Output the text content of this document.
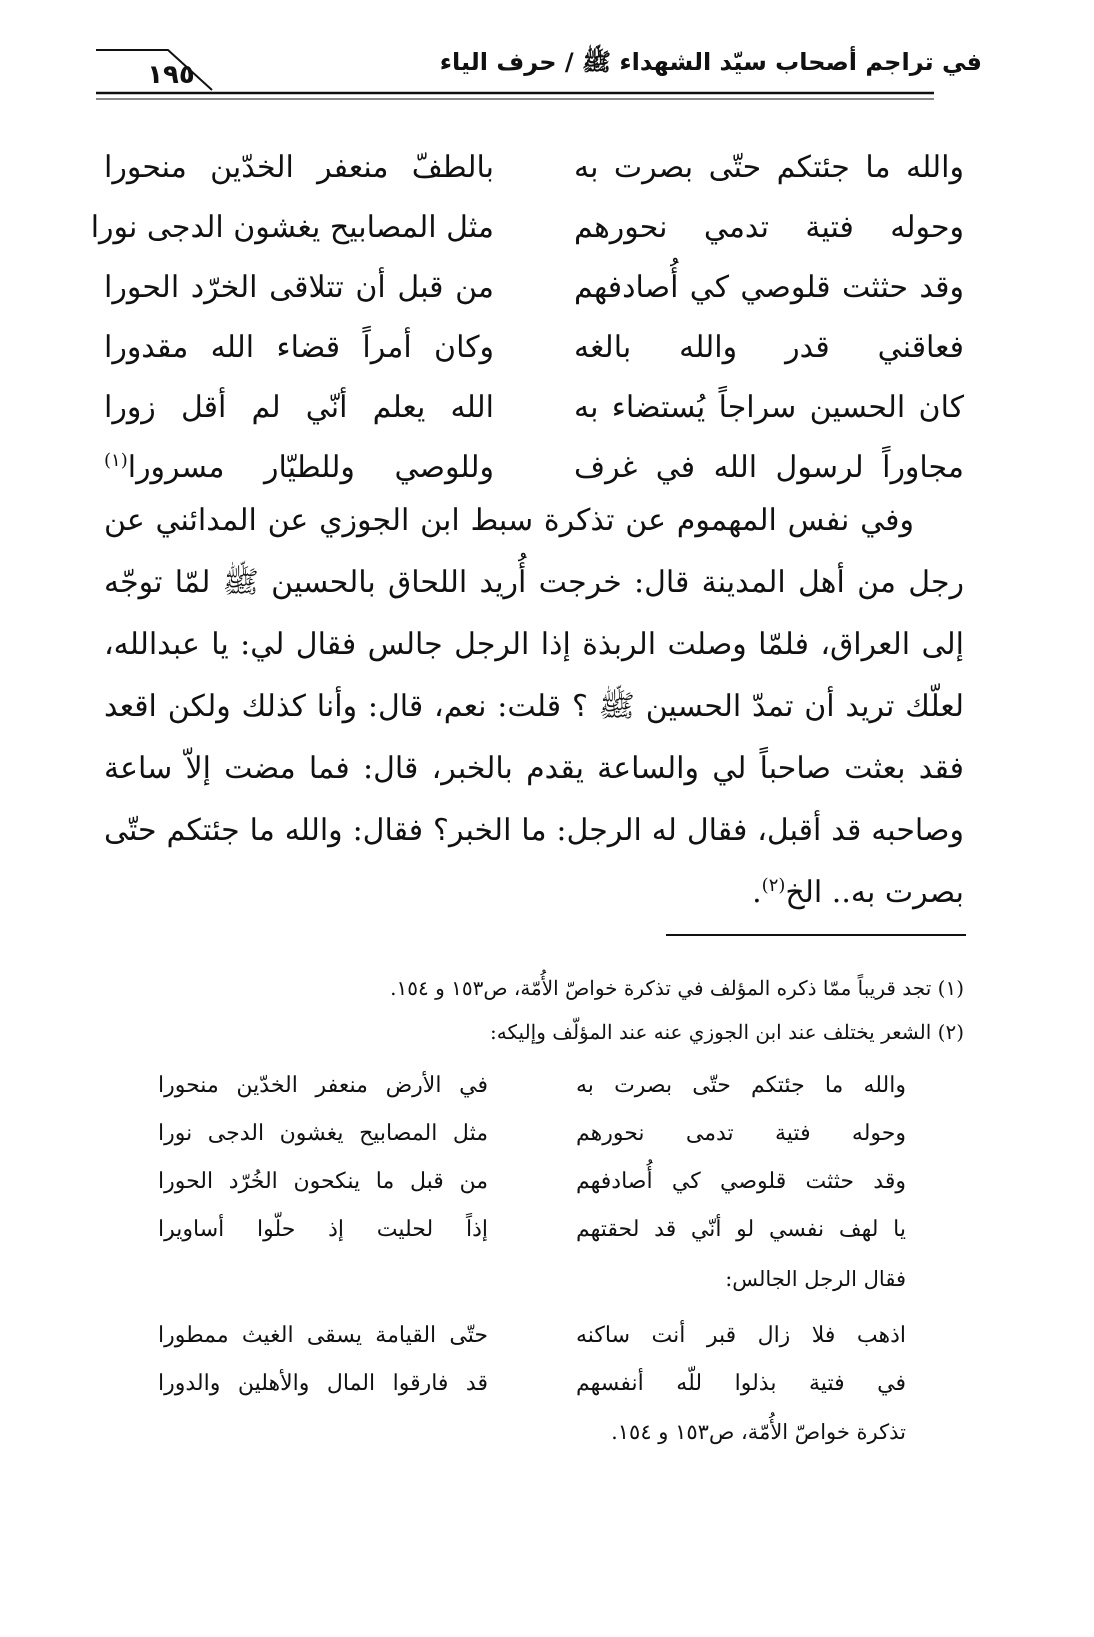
في تراجم أصحاب سيّد الشهداء ﷺ / حرف الياء
١٩٥
والله ما جئتكم حتّى بصرت به
بالطفّ منعفر الخدّين منحورا
وحوله فتية تدمي نحورهم
مثل المصابيح يغشون الدجى نورا
وقد حثثت قلوصي كي أُصادفهم
من قبل أن تتلاقى الخرّد الحورا
فعاقني قدر والله بالغه
وكان أمراً قضاء الله مقدورا
كان الحسين سراجاً يُستضاء به
الله يعلم أنّي لم أقل زورا
مجاوراً لرسول الله في غرف
وللوصي وللطيّار مسرورا$^{(١)}$

وفي نفس المهموم عن تذكرة سبط ابن الجوزي عن المدائني عن رجل من أهل المدينة قال: خرجت أُريد اللحاق بالحسين ﷺ لمّا توجّه إلى العراق، فلمّا وصلت الربذة إذا الرجل جالس فقال لي: يا عبدالله، لعلّك تريد أن تمدّ الحسين ﷺ ؟ قلت: نعم، قال: وأنا كذلك ولكن اقعد فقد بعثت صاحباً لي والساعة يقدم بالخبر، قال: فما مضت إلاّ ساعة وصاحبه قد أقبل، فقال له الرجل: ما الخبر؟ فقال: والله ما جئتكم حتّى بصرت به.. الخ$^{(٢)}$.

(١) تجد قريباً ممّا ذكره المؤلف في تذكرة خواصّ الأُمّة، ص١٥٣ و ١٥٤.
(٢) الشعر يختلف عند ابن الجوزي عنه عند المؤلّف وإليكه:
والله ما جئتكم حتّى بصرت به
في الأرض منعفر الخدّين منحورا
وحوله فتية تدمى نحورهم
مثل المصابيح يغشون الدجى نورا
وقد حثثت قلوصي كي أُصادفهم
من قبل ما ينكحون الخُرّد الحورا
يا لهف نفسي لو أنّي قد لحقتهم
إذاً لحليت إذ حلّوا أساويرا
فقال الرجل الجالس:
اذهب فلا زال قبر أنت ساكنه
حتّى القيامة يسقى الغيث ممطورا
في فتية بذلوا للّه أنفسهم
قد فارقوا المال والأهلين والدورا
تذكرة خواصّ الأُمّة، ص١٥٣ و ١٥٤.
